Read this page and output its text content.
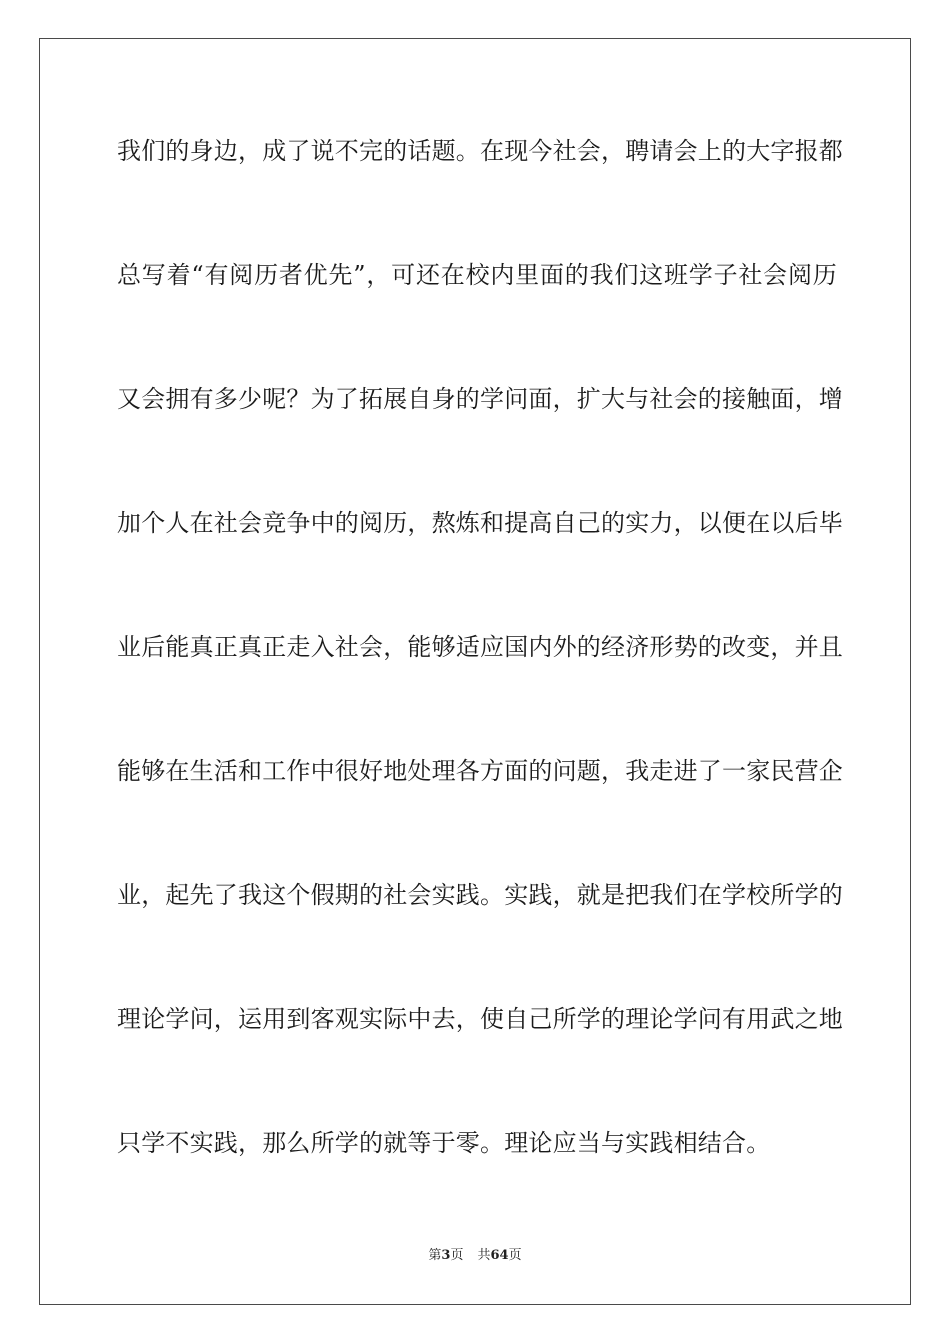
我们的身边，成了说不完的话题。在现今社会，聘请会上的大字报都
总写着“有阅历者优先”，可还在校内里面的我们这班学子社会阅历
又会拥有多少呢？为了拓展自身的学问面，扩大与社会的接触面，增
加个人在社会竞争中的阅历，熬炼和提高自己的实力，以便在以后毕
业后能真正真正走入社会，能够适应国内外的经济形势的改变，并且
能够在生活和工作中很好地处理各方面的问题，我走进了一家民营企
业，起先了我这个假期的社会实践。实践，就是把我们在学校所学的
理论学问，运用到客观实际中去，使自己所学的理论学问有用武之地
只学不实践，那么所学的就等于零。理论应当与实践相结合。
第3页 共64页
